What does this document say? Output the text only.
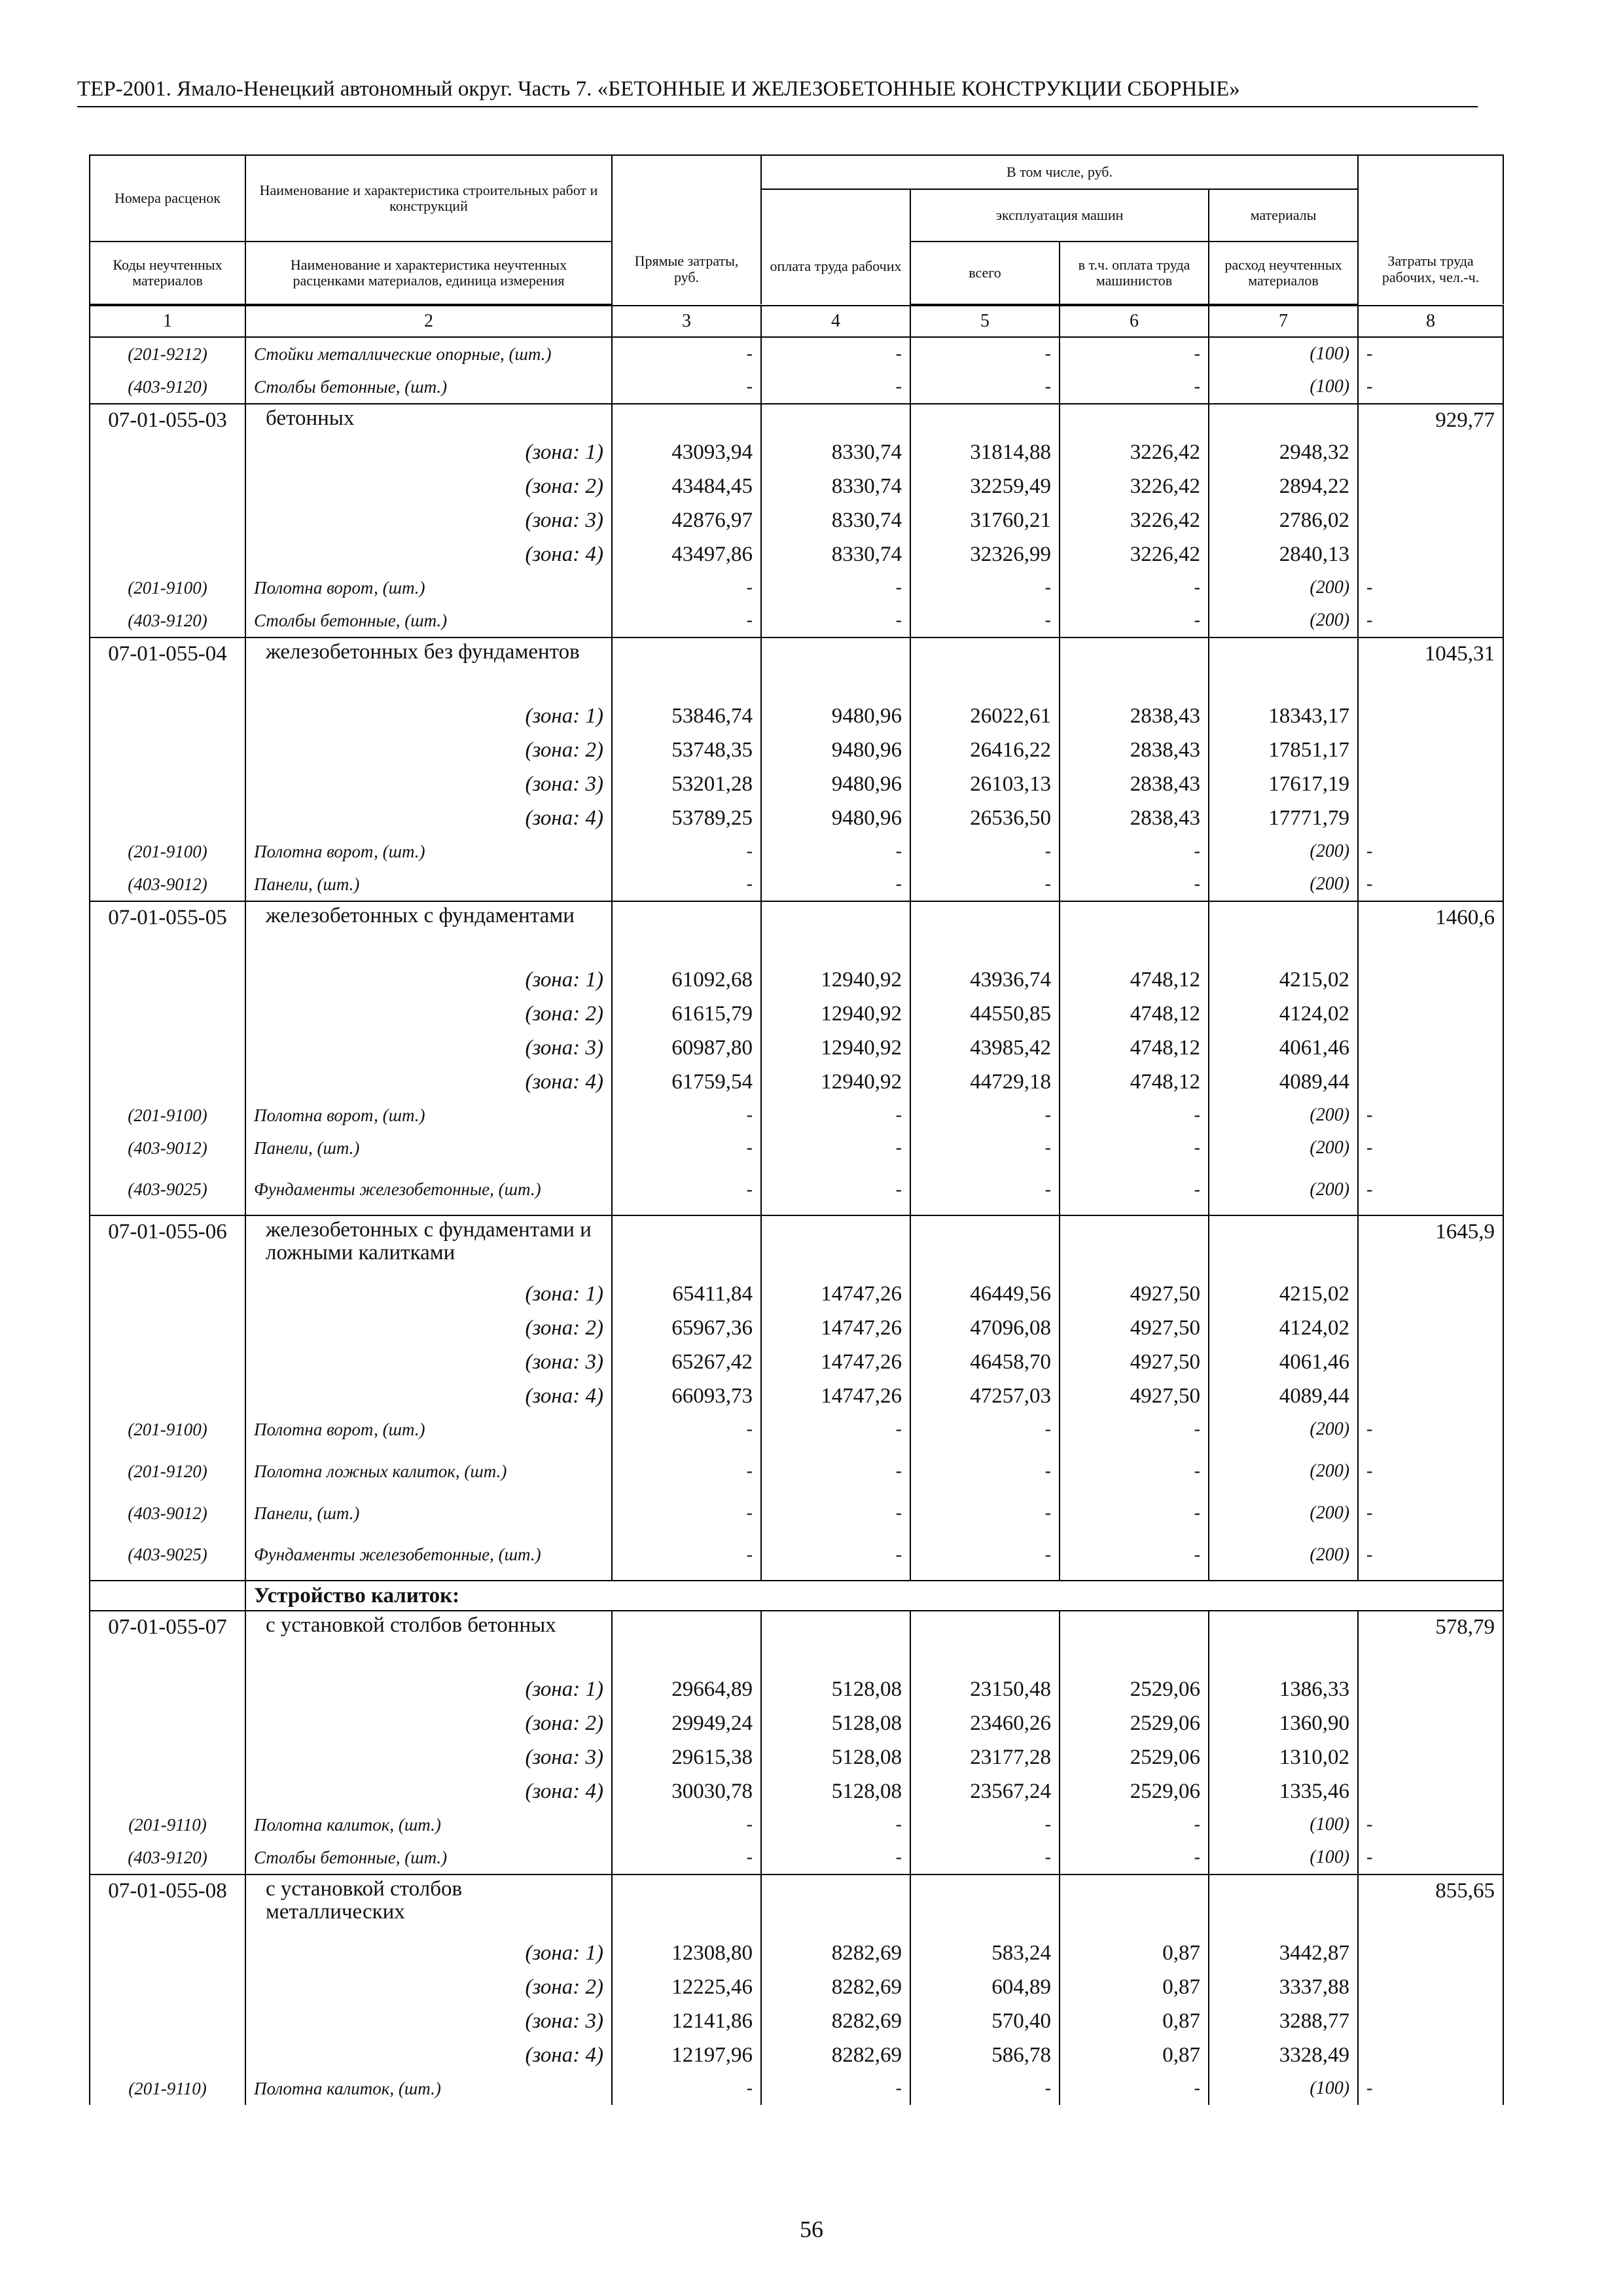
ТЕР-2001. Ямало-Ненецкий автономный округ. Часть 7. «БЕТОННЫЕ И ЖЕЛЕЗОБЕТОННЫЕ КОНСТРУКЦИИ СБОРНЫЕ»
Номера расценок	Наименование и характеристика строительных работ и конструкций	Прямые затраты, руб.	В том числе, руб.				Затраты труда рабочих, чел.-ч.

			оплата труда рабочих	эксплуатация машин		материалы	
Коды неучтенных материалов	Наименование и характеристика неучтенных расценками материалов, единица измерения			всего	в т.ч. оплата труда машинистов	расход неучтенных материалов	

1	2	3	4	5	6	7	8
(201-9212)	Стойки металлические опорные, (шт.)	-	-	-	-	(100)	-
(403-9120)	Столбы бетонные, (шт.)	-	-	-	-	(100)	-
07-01-055-03	бетонных						929,77
	(зона: 1)	43093,94	8330,74	31814,88	3226,42	2948,32	
	(зона: 2)	43484,45	8330,74	32259,49	3226,42	2894,22	
	(зона: 3)	42876,97	8330,74	31760,21	3226,42	2786,02	
	(зона: 4)	43497,86	8330,74	32326,99	3226,42	2840,13	
(201-9100)	Полотна ворот, (шт.)	-	-	-	-	(200)	-
(403-9120)	Столбы бетонные, (шт.)	-	-	-	-	(200)	-
07-01-055-04	железобетонных без фундаментов						1045,31
	(зона: 1)	53846,74	9480,96	26022,61	2838,43	18343,17	
	(зона: 2)	53748,35	9480,96	26416,22	2838,43	17851,17	
	(зона: 3)	53201,28	9480,96	26103,13	2838,43	17617,19	
	(зона: 4)	53789,25	9480,96	26536,50	2838,43	17771,79	
(201-9100)	Полотна ворот, (шт.)	-	-	-	-	(200)	-
(403-9012)	Панели, (шт.)	-	-	-	-	(200)	-
07-01-055-05	железобетонных с фундаментами						1460,6
	(зона: 1)	61092,68	12940,92	43936,74	4748,12	4215,02	
	(зона: 2)	61615,79	12940,92	44550,85	4748,12	4124,02	
	(зона: 3)	60987,80	12940,92	43985,42	4748,12	4061,46	
	(зона: 4)	61759,54	12940,92	44729,18	4748,12	4089,44	
(201-9100)	Полотна ворот, (шт.)	-	-	-	-	(200)	-
(403-9012)	Панели, (шт.)	-	-	-	-	(200)	-
(403-9025)	Фундаменты железобетонные, (шт.)	-	-	-	-	(200)	-
07-01-055-06	железобетонных с фундаментами и ложными калитками						1645,9
	(зона: 1)	65411,84	14747,26	46449,56	4927,50	4215,02	
	(зона: 2)	65967,36	14747,26	47096,08	4927,50	4124,02	
	(зона: 3)	65267,42	14747,26	46458,70	4927,50	4061,46	
	(зона: 4)	66093,73	14747,26	47257,03	4927,50	4089,44	
(201-9100)	Полотна ворот, (шт.)	-	-	-	-	(200)	-
(201-9120)	Полотна ложных калиток, (шт.)	-	-	-	-	(200)	-
(403-9012)	Панели, (шт.)	-	-	-	-	(200)	-
(403-9025)	Фундаменты железобетонные, (шт.)	-	-	-	-	(200)	-
	Устройство калиток:						
07-01-055-07	с установкой столбов бетонных						578,79
	(зона: 1)	29664,89	5128,08	23150,48	2529,06	1386,33	
	(зона: 2)	29949,24	5128,08	23460,26	2529,06	1360,90	
	(зона: 3)	29615,38	5128,08	23177,28	2529,06	1310,02	
	(зона: 4)	30030,78	5128,08	23567,24	2529,06	1335,46	
(201-9110)	Полотна калиток, (шт.)	-	-	-	-	(100)	-
(403-9120)	Столбы бетонные, (шт.)	-	-	-	-	(100)	-
07-01-055-08	с установкой столбов металлических						855,65
	(зона: 1)	12308,80	8282,69	583,24	0,87	3442,87	
	(зона: 2)	12225,46	8282,69	604,89	0,87	3337,88	
	(зона: 3)	12141,86	8282,69	570,40	0,87	3288,77	
	(зона: 4)	12197,96	8282,69	586,78	0,87	3328,49	
(201-9110)	Полотна калиток, (шт.)	-	-	-	-	(100)	-
56
